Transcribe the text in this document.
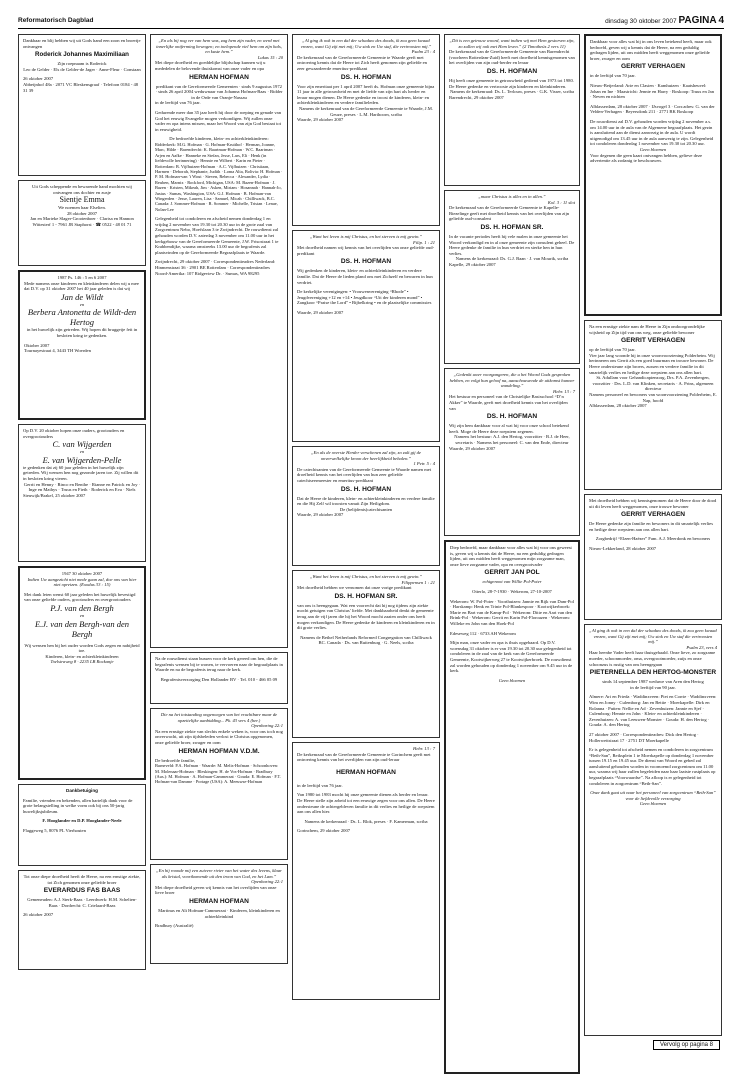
Reformatorisch Dagblad	dinsdag 30 oktober 2007 PAGINA 4
Dankbaar en blij hebben wij uit Gods hand een zoon en broertje ontvangen
Roderick Johannes Maximiliaan
Zijn roepnaam is Roderick
Leo de Gelder · Els de Gelder-de Jager · Anne-Fleur · Constaan
26 oktober 2007
Abbeijnhof 48a · 2071 VC Bleskensgraaf · Telefoon 0184 - 48 31 39
Uit Gods scheppende en bewarende hand mochten wij ontvangen ons dochter en zusje
Sientje Emma
We noemen haar Elselien.
28 oktober 2007
Jan en Marieke Slager-Grootenboer · Clarisa en Hannon
Wittesterf 1 - 7961 JR Staphorst · ☎ 0522 - 48 01 71
1987 Ps. 146 : 5 en 6 2007
Mede namens onze kinderen en kleinkinderen delen wij u mee dat D.V. op 31 oktober 2007 het 40 jaar geleden is dat wij
Jan de Wildt
en
Berbera Antonetta de Wildt-den Hertog
in het huwelijk zijn getreden. Wij hopen dit bruggetje feit in besloten kring te gedenken.
Oktober 2007
Tournayestraat 4, 3443 TH Woerden
Op D.V. 20 oktober hopen onze ouders, grootouders en overgrootouders
C. van Wijgerden
en
E. van Wijgerden-Pelle
te gedenken dat zij 60 jaar geleden in het huwelijk zijn getreden. Wij wensen hen nog gezonde jaren toe. Zij willen dit in besloten kring vieren.
Gerrit en Henny · Rinco en Benthe · Rianne en Patrick en Joy · Inge en Mathys · Truus en Fieth · Roderick en Eva · Niels
Sieuwijk/Brakel, 25 oktober 2007
1947 30 oktober 2007
Indien Uw aangezicht niet mede gaan zal, doe ons van hier niet opreizen. (Exodus 33 : 15)
Met dank leten wenst 60 jaar geleden het huwelijk bevestigd van onze geliefde ouders, grootouders en overgrootouders
P.J. van den Bergh
en
E.J. van den Bergh-van den Bergh
Wij wensen hen bij het ouder worden Gods zegen en nabijheid toe.
Kinderen, klein- en achterkleinkinderen
Toelstraweg 8 · 2235 LB Rockanje
Dankbetuiging
Familie, vrienden en bekenden, allen hartelijk dank voor de grote belangstelling in welke vorm ook bij ons 50-jarig huwelijksjubileum.
F. Hooglander en D.P. Hooglander-Neele
Flaggeweg 5, 8076 PL Vierhouten
Tot onze diepe droefheid heeft de Heere, na een ernstige ziekte, tot Zich genomen onze geliefde broer
EVERARDUS FAS BAAS
Gemeneuden: A.J. Sterk-Baas · Leerdwerk: H.M. Schelten-Baas · Dordrecht: C. Crielaard-Baas
26 oktober 2007
„En als bij nog ver van hem was, zag hem zijn vader, en werd met innerlijke ontferming bewogen; en toelopende viel hem om zijn hals, en kuste hem.”
Lukas 15 : 20
Met diepe droefheid en goeddelijke blijdschap kunnen wij u mededelen de belovende thuiskomst van onze vader en opa
HERMAN HOFMAN
predikant van de Gereformeerde Gemeenten · sinds 9 augustus 1972 · sinds 26 april 2004 weduwnaar van Johanna Hofman-Baas · Bidder in de Orde van Oranje-Nassau
in de leeftijd van 76 jaar.
Gedurende meer dan 35 jaar heeft hij door de roeping en genade van God het eeuwig Evangelie mogen verkondigen. Wij zullen onze vader en opa intens missen, maar het Woord van zijn God bestaat tot in eeuwigheid.
De bedroefde kinderen, klein- en achterkleinkinderen:
Ridderkerk: M.G. Hofman · G. Hofman-Kruithof · Herman, Joanne, Marc, Hilde · Barendrecht: K. Baartman-Hofman · W.C. Baartman · Arjen en Aafke · Hanneke en Stefan, Jesse, Lars, Eli · Henk (in liefdevolle herinnering) · Hennie en Wilbert · Karin en Pieter · Rotterdam: B. Vijfhuizen-Hofman · A.C. Vijfhuizen · Christiaan, Harmen · Deborah, Stephanie, Judith · Loma Alta, Bolivia: H. Hofman · P. M. Hofman-van ’t Wout · Steven, Rebecca · Alexander, Lydia · Reuben, Marnix · Rockford, Michigan, USA: M. Bazen-Hofman · J. Bazen · Kristen, Mikeah, Jim · Asken, Miriam · Hosannah · Hannah-Jo, Justus · Sumas, Washington, USA: G.J. Hofman · B. Hofman-van Wingerden · Jesse, Lauren, Lisa · Samuel, Micah · Chilliwack, B.C. Canada: J. Sommer-Hofman · R. Sommer · Michelle, Tristan · Lenae, Nolan-Lee
Gelegenheid tot condoleren en afscheid nemen donderdag 1 en vrijdag 2 november van 19.30 tot 20.30 uur in de grote zaal van Zorgcentrum Nebo, Hoefslaan 3 te Zwijndrecht. De rouwdienst zal gehouden worden D.V. zaterdag 3 november om 11.00 uur in het kerkgebouw van de Gereformeerde Gemeente, J.W. Frisostraat 1 te Krabbendijke, waarna omstreeks 13.00 uur de begrafenis zal plaatsvinden op de Gereformeerde Begraafplaats te Waarde.
Zwijndrecht, 29 oktober 2007 · Correspondentieadres Nederland: Hinmenstraat 36 · 2901 BE Rotterdam · Correspondentieadres Noord-Amerika: 107 Ridgeview Dr. · Sumas, WA 98295
Na de rouwdienst staan bussen voor de kerk gereed om hen, die de begrafenis wensen bij te wonen, te vervoeren naar de begraafplaats in Waarde en na de begrafenis terug naar de kerk.
Begrafenisverzorging Den Hollander BV · Tel. 010 - 466 05 09
Die na het totstanding ongenoegen van het vruchtbare maar de opzettelijke aanbidding... Pk. 43 vers 4 (her.)
Openbaring 22:1
Na een ernstige ziekte van slechts enkele weken is, voor ons toch nog onverwacht, uit zijn tijdsbeleden verlost te Christus opgenomen, onze geliefde broer, zwager en oom
HERMAN HOFMAN V.D.M.
De bedroefde familie,
Barneveld: P.A. Hofman · Waarde: M. Melis-Hofman · Schoonhoven: M. Molenaar-Hofman · Bleskingen: H. de Vos-Hofman · Bradbury (Aus.): M. Hofman · A. Hofman-Cammeraat · Gouda: E. Hofman · F.T. Hofman-van Damme · Portage (USA): A. Meeuwse-Hofman
„En hij roonde mij een zuivere rivier van het water des levens, klaar als kristal, voortkomende uit den troon van God, en het Lam.”
Openbaring 22:1
Met diepe droefheid geven wij kennis van het overlijden van onze lieve broer
HERMAN HOFMAN
Martinus en Ali Hofman-Cammeraat · Kinderen, kleinkinderen en achterkleinkind
Bradbury (Australië)
„Al ging ik ook in een dal der schaduw des doods, ik zou geen kwaad vrezen, want Gij zijt met mij; Uw stok en Uw staf, die vertroosten mij.”
Psalm 23 : 4
De kerkenraad van de Gereformeerde Gemeente te Waarde geeft met ontroering kennis dat de Heere tot Zich heeft genomen zijn geliefde en zeer gewaardeerde emeritus-predikant
DS. H. HOFMAN
Voor zijn emeritaat per 1 april 2007 heeft ds. Hofman onze gemeente bijna 11 jaar in alle getrouwheid en met de liefde van zijn hart als herder en leraar mogen dienen. De Heere gedenke en troost de kinderen, klein- en achterkleinkinderen en verdere familieleden.
Namens de kerkenraad van de Gereformeerde Gemeente te Waarde, J.M. Geuze, preses · L.M. Harthoorn, scriba
Waarde, 29 oktober 2007
„Want het leven is mij Christus, en het sterven is mij gewin.”
Filip. 1 : 21
Met droefheid namen wij kennis van het overlijden van onze geliefde oud-predikant
DS. H. HOFMAN
Wij gedenken de kinderen, klein- en achterkleinkinderen en verdere familie. Dat de Heere de lieden pland ons met Zichzelf en bewaren in hun verdriet.
De kerkelijke verenigingen: • Vrouwenvereniging “Rhode” • Jeugdvereniging +12 en +14 • Jeugdkoor “Uit der kinderen mond” • Zangkoor “Praise the Lord” • Bijbelkring • en de plaatselijke commissies
Waarde, 29 oktober 2007
„En als de overste Herder verschenen zal zijn, zo zult gij de onverwelkelijke kroon der heerlijkheid behalen.”
1 Petr. 5 : 4
De catechisanten van de Gereformeerde Gemeente te Waarde namen met droefheid kennis van het overlijden van hun zeer geliefde catechiseermeester en emeritus-predikant
DS. H. HOFMAN
Dat de Heere de kinderen, klein- en achterkleinkinderen en verdere familie en die Hij Zelf wil troosten vanuit Zijn Heiligdom.
De (belijdenis)catechisanten
Waarde, 29 oktober 2007
„Want het leven is mij Christus, en het sterven is mij gewin.”
Filippensen 1 : 21
Met droefheid hebben we vernomen dat onze vorige predikant
DS. H. HOFMAN SR.
van ons is heengegaan. Wat een voorrecht dat hij nog tijdens zijn ziekte mocht getuigen van Christus’ liefde. Met dankbaarheid denkt de gemeente terug aan de vijf jaren die hij het Woord mocht zaaien onder ons heeft mogen verkondigen. De Heere gedenke de kinderen en kleinkinderen en in dit grote verlies.
Namens de Bethel Netherlands Reformed Congregation van Chilliwack BC. Canada · Ds. van Ruitenburg · G. Neels, scriba
Hebr. 13 : 7
De kerkenraad van de Gereformeerde Gemeente te Gorinchem geeft met ontroering kennis van het overlijden van zijn oud-leraar
HERMAN HOFMAN
in de leeftijd van 76 jaar.
Van 1980 tot 1983 mocht hij onze gemeente dienen als herder en leraar. De Heere stelle zijn arbeid tot een eeuwige zegen voor ons allen. De Heere ondersteune de achtergebleven familie in dit verlies en heilige de roepstem aan ons allen hier.
Namens de kerkenraad · Ds. L. Blok, preses · F. Kamerman, scriba
Gorinchem, 29 oktober 2007
„Dit is een getrouw woord, want indien wij met Hem gestorven zijn, zo zullen wij ook met Hem leven.” (2 Timotheüs 2 vers 11)
De kerkenraad van de Gereformeerde Gemeente van Barendrecht (voorheen Rotterdam-Zuid) heeft met droefheid kennisgenomen van het overlijden van zijn oud-herder en leraar
DS. H. HOFMAN
Hij heeft onze gemeente in getrouwheid gediend van 1973 tot 1980. De Heere gedenke en vertrooste zijn kinderen en kleinkinderen.
Namens de kerkenraad: Ds. L. Terlouw, preses · G.K. Visser, scriba
Barendrecht, 29 oktober 2007
„maar Christus is alles en in allen.”
Kol. 3 : 11 slot
De kerkenraad van de Gereformeerde Gemeente te Kapelle-Biezelinge geeft met droefheid kennis van het overlijden van zijn geliefde oud-consulent
DS. H. HOFMAN SR.
In de vacante periodes heeft hij vele malen in onze gemeente het Woord verkondigd en in al onze gemeente zijn consulent geheel. De Heere gedenke de familie in hun verdriet en sterke hen in hun verlies.
Namens de kerkenraad: Ds. G.J. Baan · J. van Mourik, scriba
Kapelle, 29 oktober 2007
„Gedenkt uwer voorgangeren, die u het Woord Gods gesproken hebben, en volgt hun geloof na, aanschouwende de uitkomst hunner wandeling.”
Hebr. 13 : 7
Het bestuur en personeel van de Christelijke Basisschool “D’n Akker” te Waarde, geeft met droefheid kennis van het overlijden van
DS. H. HOFMAN
Wij zijn hem dankbaar voor al wat hij voor onze school betekend heeft. Moge de Heere deze roepstem zegenen.
Namens het bestuur: A.J. den Hertog, voorzitter · B.J. de Heer, secretaris · Namens het personeel: C. van den Ende, directeur
Waarde, 29 oktober 2007
Diep bedroefd, maar dankbaar voor alles wat hij voor ons geweest is, geven wij u kennis dat de Heere, na een geduldig gedragen lijden, uit ons midden heeft weggenomen mijn zorgzame man, onze lieve zorgzame vader, opa en overgrootvader
GERRIT JAN POL
echtgenoot van Willie Pol-Poter
Otterlo, 28-7-1930 · Wekerom, 27-10-2007
Wekerom: W. Pol-Poter · Voorthuizen: Jannie en Rijk van Dam-Pol · Harskamp: Henk en Trinie Pol-Blankespoor · Kootwijkerbroek: Marie en Bart van de Kamp-Pol · Wekerom: Ditte en Aart van den Brink-Pol · Wekerom: Gerrit en Karin Pol-Floroazen · Wekerom: Willeke en John van den Hoek-Pol
Edeseweg 112 · 6733 AH Wekerom
Mijn man, onze vader en opa is thuis opgebaard. Op D.V. woensdag 31 oktober is er van 19.30 tot 20.30 uur gelegenheid tot condoleren in de zaal van de kerk van de Gereformeerde Gemeente, Kootwijkerweg 27 te Kootwijkerbroek. De rouwdienst zal worden gehouden op donderdag 1 november om 9.45 uur in de kerk.
Geen bloemen
Dankbaar voor alles wat hij in ons leven betekend heeft, maar ook bedroefd, geven wij u kennis dat de Heere, na een geduldig gedragen lijden, uit ons midden heeft weggenomen onze geliefde broer, zwager en oom
GERRIT VERHAGEN
in de leeftijd van 70 jaar.
Nieuw-Beijerland: Arie en Clasien · Kamhuizen · Kaatsheuvel: Johan en Ine · Maastricht: Jennie en Harry · Boskoop: Truus en Jan · Neven en nichten
Alblasserdam, 28 oktober 2007 · IJsvogel 3 · Corr.adres: G. van der Velden-Verhagen · Beyersdonk 211 · 2771 BK Boskoop
De rouwdienst zal D.V. gehouden worden vrijdag 2 november a.s. om 14.00 uur in de aula van de Algemene begraafplaats. Het gezin is aansluitend aan de dienst aanwezig in de aula. U wordt uitgenodigd om 13.45 uur in de aula aanwezig te zijn. Gelegenheid tot condoleren donderdag 1 november van 19.30 tot 20.30 uur.
Geen bloemen
Voor degenen die geen kaart ontvangen hebben, gelieve deze advertentie als zodanig te beschouwen.
Na een ernstige ziekte nam de Heere in Zijn ondoorgrondelijke wijsheid op Zijn tijd van ons weg, onze geliefde bewoner
GERRIT VERHAGEN
op de leeftijd van 70 jaar.
Vier jaar lang woonde hij in onze woonvoorziening Polderheim. Wij herinneren ons Gerrit als een goed buurman en trouwe bewoner. De Heere ondersteune zijn broers, zussen en verdere familie in dit smartelijk verlies en heilige deze roepstem aan ons allen hart.
St. Adullam voor Gehandicaptenzorg, Drs. P.A. Zevenbergen, voorzitter · Drs. L.D. van Klinken, secretaris · A. Prins, algemeen directeur
Namens personeel en bewoners van woonvoorziening Polderheim, E. Nap, hoofd
Alblasserdam, 28 oktober 2007
Met droefheid hebben wij kennisgenomen dat de Heere door de dood uit dit leven heeft weggenomen, onze trouwe bewoner
GERRIT VERHAGEN
De Heere gedenke zijn familie en bewoners in dit smartelijk verlies en heilige deze roepstem aan ons allen hart.
Zorgbedrijf “Elzen-Haëzer” Fam. A.J. Meerdonk en bewoners
Nieuw-Lekkerland, 28 oktober 2007
„Al ging ik ook in een dal der schaduw des doods, ik zou geen kwaad vrezen, want Gij zijt met mij; Uw stok en Uw staf die vertroosten mij.”
Psalm 23, vers 4
Haar heenbe Vader heeft haar thuisgehaald. Onze lieve, zo zorgzame moeder, schoonmoeder, oma, overgrootmoeder, zuijs en onze schoonzus is rustig van ons heengegaan
PIETERNELLA DEN HERTOG-MONSTER
sinds 14 september 1987 weduwe van Aren den Hertog
in de leeftijd van 90 jaar.
Almere: Ari en Frieda · Waddinxveen: Piet en Corrie · Waddinxveen: Wim en Jonny · Culemborg: Jan en Bettie · Moerkapelle: Dirk en Rolanna · Putten: Nellie en Ad · Zevenhuizen: Jannie en Sjef · Culemborg: Hennie en John · Klein- en achterkleinkinderen · Zevenhuizen: A. van Leeuwen-Monster · Gouda: H. den Hertog · Gouda: A. den Hertog
27 oktober 2007 · Correspondentieadres: Dick den Hertog · Hollerwettstraat 17 · 2751 DT Moerkapelle
Er is gelegenheid tot afscheid nemen en condoleren in zorgcentrum “Beth-San”, Reiksplein 1 te Moerkapelle op donderdag 1 november tussen 19.15 en 19.45 uur. De dienst van Woord en gebed zal aansluitend gehouden worden in voornoemd zorgcentrum om 11.00 uur, waarna wij haar zullen begeleiden naar haar laatste rustplaats op begraafplaats “Voorwaardse”. Na afloop is er gelegenheid tot condoleren in zorgcentrum “Beth-San”.
Onze dank gaat uit naar het personeel van zorgcentrum “Beth-San” voor de liefdevolle verzorging
Geen bloemen
Vervolg op pagina 8
